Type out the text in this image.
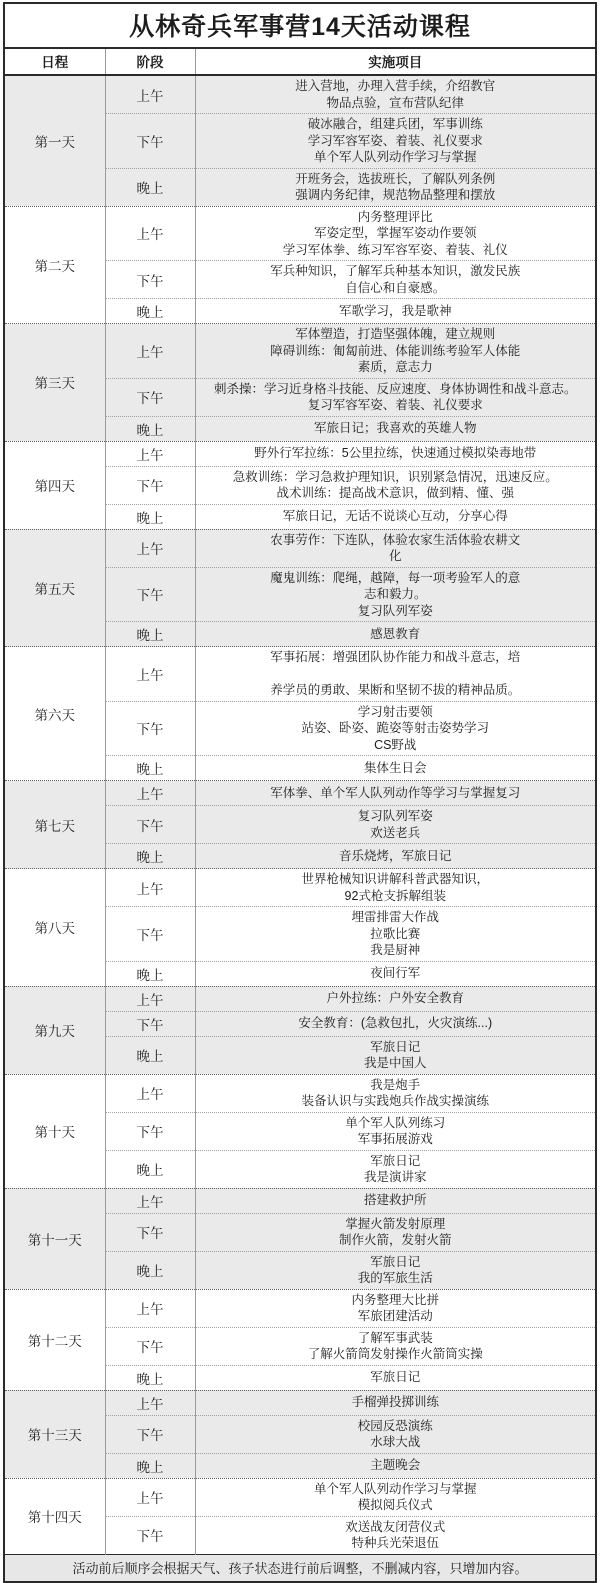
从林奇兵军事营14天活动课程		
日程	阶段	实施项目
第一天	上午	进入营地，办理入营手续，介绍教官
物品点验，宣布营队纪律

	下午	破冰融合，组建兵团，军事训练
学习军容军姿、着装、礼仪要求
单个军人队列动作学习与掌握

	晚上	开班务会，选拔班长，了解队列条例
强调内务纪律，规范物品整理和摆放

第二天	上午	内务整理评比
军姿定型，掌握军姿动作要领
学习军体拳、练习军容军姿、着装、礼仪

	下午	军兵种知识，了解军兵种基本知识，激发民族
自信心和自豪感。

	晚上	军歌学习，我是歌神

第三天	上午	军体塑造，打造坚强体魄，建立规则
障碍训练：匍匐前进、体能训练考验军人体能
素质，意志力

	下午	刺杀操：学习近身格斗技能、反应速度、身体协调性和战斗意志。
复习军容军姿、着装、礼仪要求

	晚上	军旅日记；我喜欢的英雄人物

第四天	上午	野外行军拉练：5公里拉练，快速通过模拟染毒地带

	下午	急救训练：学习急救护理知识，识别紧急情况，迅速反应。
战术训练：提高战术意识，做到精、懂、强

	晚上	军旅日记，无话不说谈心互动，分享心得

第五天	上午	农事劳作：下连队，体验农家生活体验农耕文
化

	下午	魔鬼训练：爬绳，越障，每一项考验军人的意
志和毅力。
复习队列军姿

	晚上	感恩教育

第六天	上午	军事拓展：增强团队协作能力和战斗意志，培

养学员的勇敢、果断和坚韧不拔的精神品质。

	下午	学习射击要领
站姿、卧姿、跪姿等射击姿势学习
CS野战

	晚上	集体生日会

第七天	上午	军体拳、单个军人队列动作等学习与掌握复习

	下午	复习队列军姿
欢送老兵

	晚上	音乐烧烤，军旅日记

第八天	上午	世界枪械知识讲解科普武器知识，
92式枪支拆解组装

	下午	埋雷排雷大作战
拉歌比赛
我是厨神

	晚上	夜间行军

第九天	上午	户外拉练：户外安全教育

	下午	安全教育：(急救包扎，火灾演练...)

	晚上	军旅日记
我是中国人

第十天	上午	我是炮手
装备认识与实践炮兵作战实操演练

	下午	单个军人队列练习
军事拓展游戏

	晚上	军旅日记
我是演讲家

第十一天	上午	搭建救护所

	下午	掌握火箭发射原理
制作火箭，发射火箭

	晚上	军旅日记
我的军旅生活

第十二天	上午	内务整理大比拼
军旅团建活动

	下午	了解军事武装
了解火箭筒发射操作火箭筒实操

	晚上	军旅日记

第十三天	上午	手榴弹投掷训练

	下午	校园反恐演练
水球大战

	晚上	主题晚会

第十四天	上午	单个军人队列动作学习与掌握
模拟阅兵仪式

	下午	欢送战友闭营仪式
特种兵光荣退伍

活动前后顺序会根据天气、孩子状态进行前后调整，不删减内容，只增加内容。		
